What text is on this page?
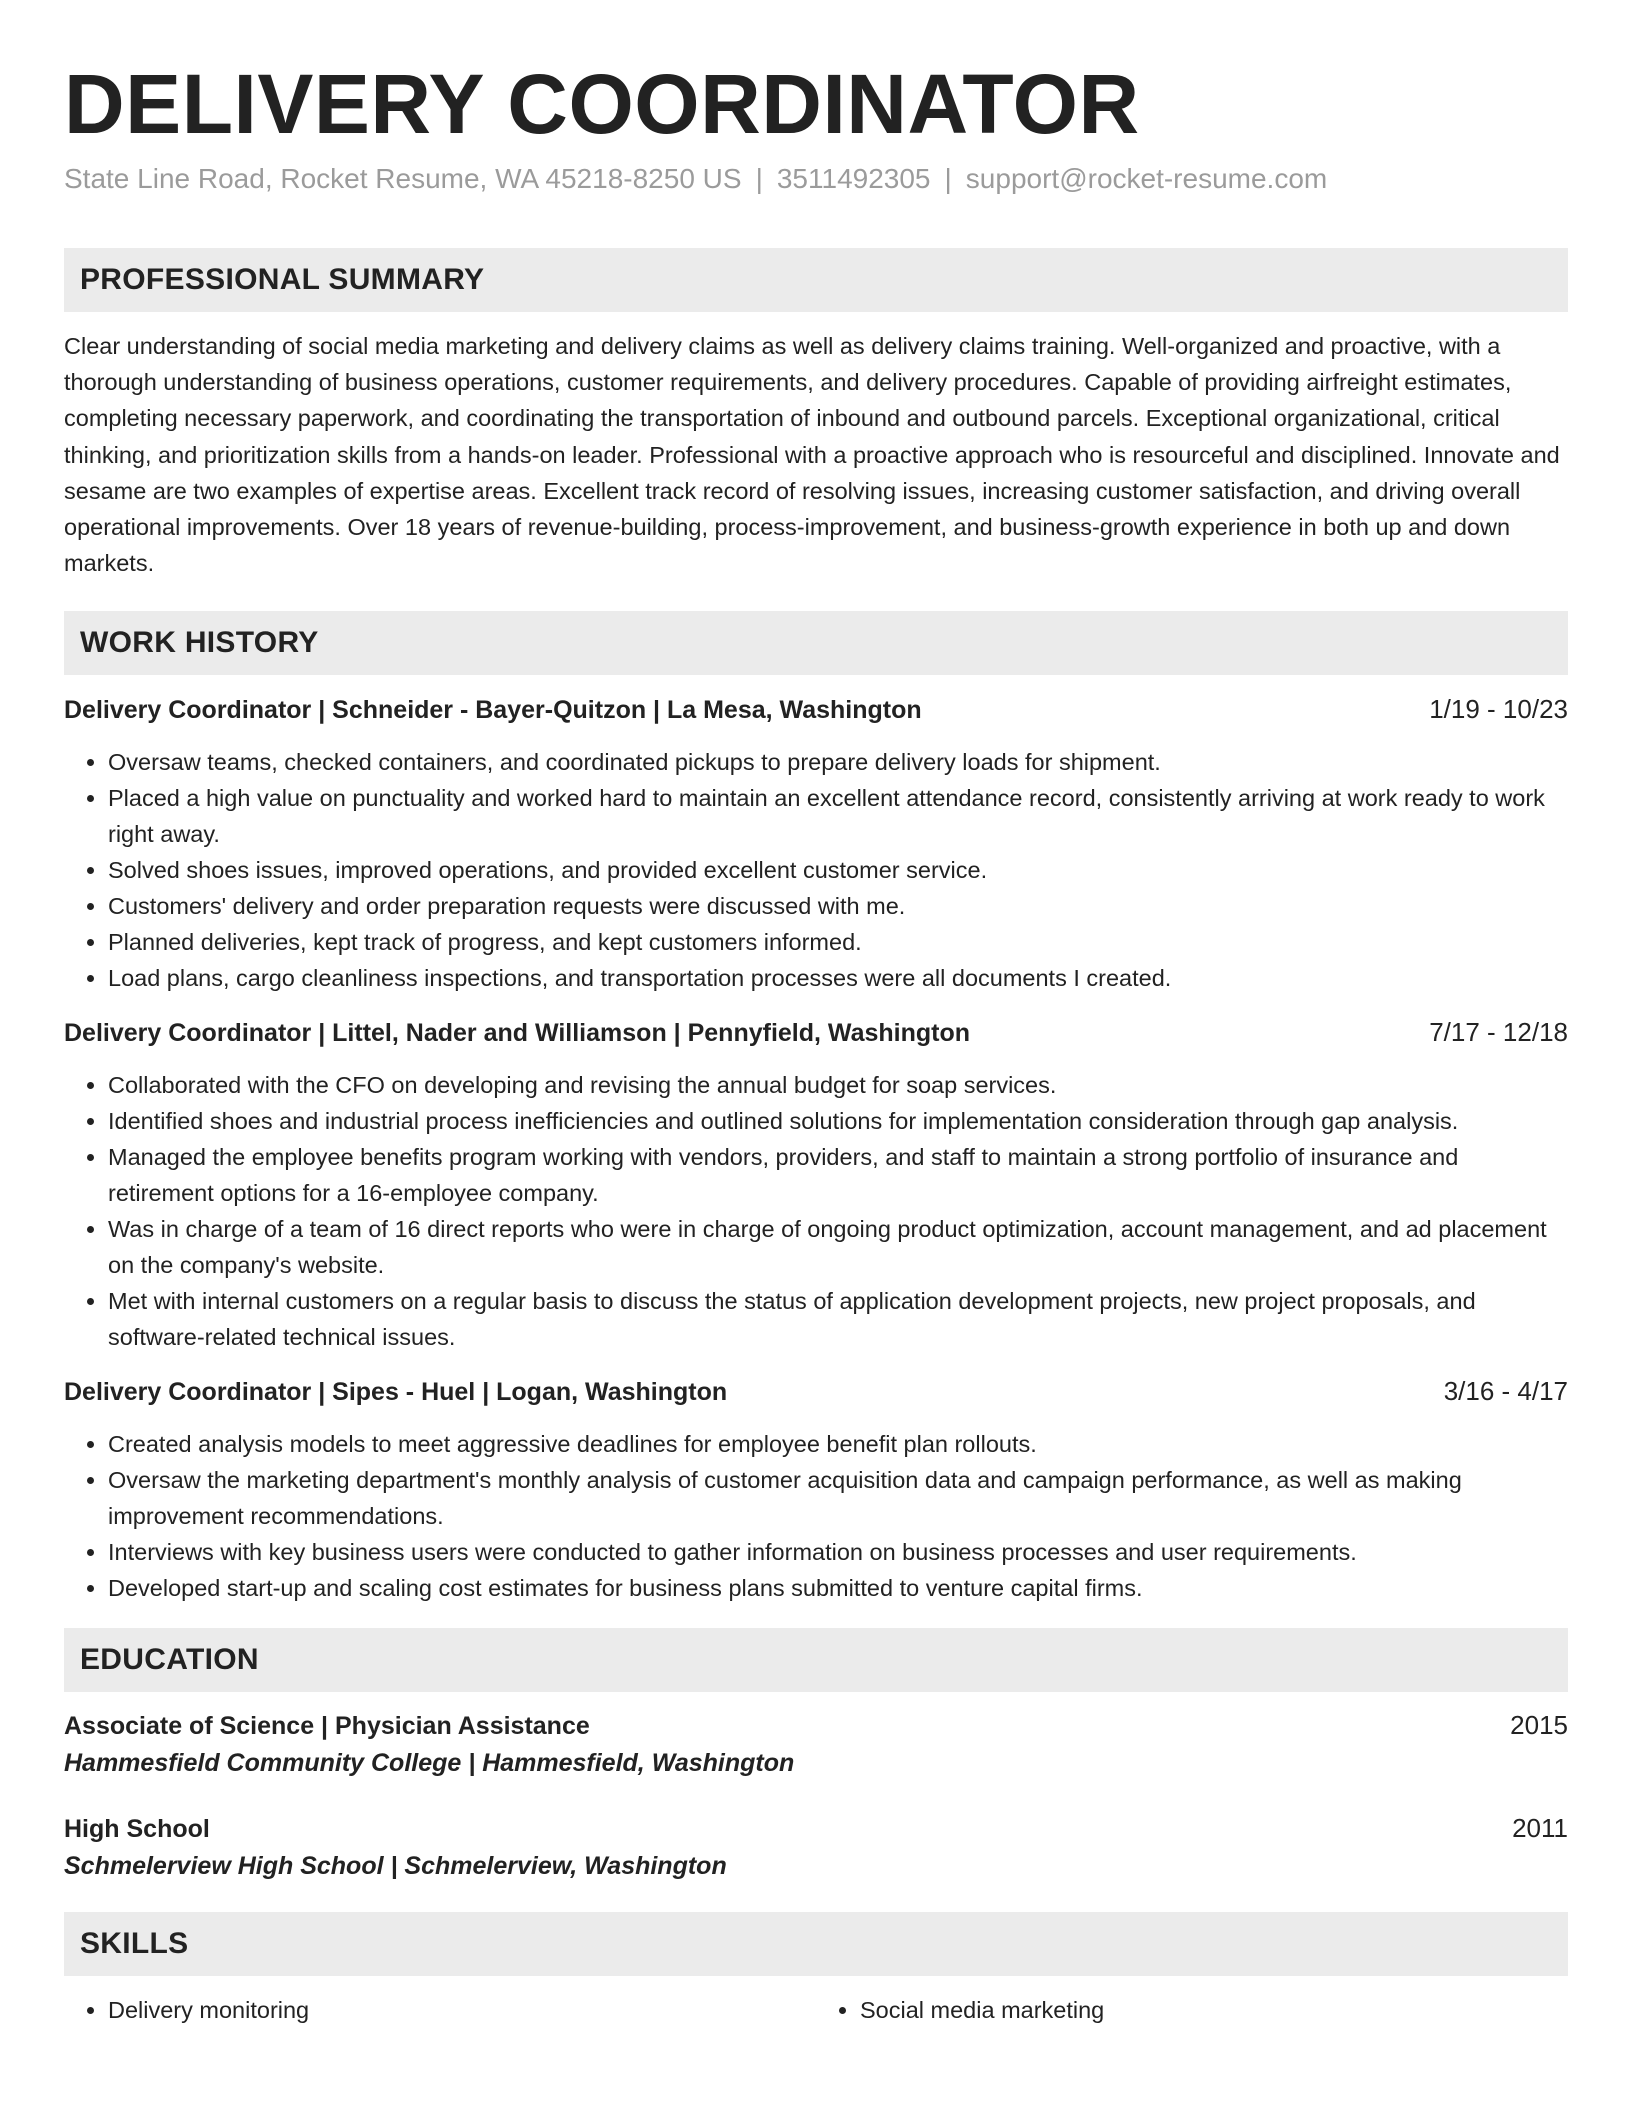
DELIVERY COORDINATOR
State Line Road, Rocket Resume, WA 45218-8250 US | 3511492305 | support@rocket-resume.com
PROFESSIONAL SUMMARY

Clear understanding of social media marketing and delivery claims as well as delivery claims training. Well-organized and proactive, with a thorough understanding of business operations, customer requirements, and delivery procedures. Capable of providing airfreight estimates, completing necessary paperwork, and coordinating the transportation of inbound and outbound parcels. Exceptional organizational, critical thinking, and prioritization skills from a hands-on leader. Professional with a proactive approach who is resourceful and disciplined. Innovate and sesame are two examples of expertise areas. Excellent track record of resolving issues, increasing customer satisfaction, and driving overall operational improvements. Over 18 years of revenue-building, process-improvement, and business-growth experience in both up and down markets.

WORK HISTORY
Delivery Coordinator | Schneider - Bayer-Quitzon | La Mesa, Washington	1/19 - 10/23
• Oversaw teams, checked containers, and coordinated pickups to prepare delivery loads for shipment.
• Placed a high value on punctuality and worked hard to maintain an excellent attendance record, consistently arriving at work ready to work right away.
• Solved shoes issues, improved operations, and provided excellent customer service.
• Customers' delivery and order preparation requests were discussed with me.
• Planned deliveries, kept track of progress, and kept customers informed.
• Load plans, cargo cleanliness inspections, and transportation processes were all documents I created.
Delivery Coordinator | Littel, Nader and Williamson | Pennyfield, Washington	7/17 - 12/18
• Collaborated with the CFO on developing and revising the annual budget for soap services.
• Identified shoes and industrial process inefficiencies and outlined solutions for implementation consideration through gap analysis.
• Managed the employee benefits program working with vendors, providers, and staff to maintain a strong portfolio of insurance and retirement options for a 16-employee company.
• Was in charge of a team of 16 direct reports who were in charge of ongoing product optimization, account management, and ad placement on the company's website.
• Met with internal customers on a regular basis to discuss the status of application development projects, new project proposals, and software-related technical issues.
Delivery Coordinator | Sipes - Huel | Logan, Washington	3/16 - 4/17
• Created analysis models to meet aggressive deadlines for employee benefit plan rollouts.
• Oversaw the marketing department's monthly analysis of customer acquisition data and campaign performance, as well as making improvement recommendations.
• Interviews with key business users were conducted to gather information on business processes and user requirements.
• Developed start-up and scaling cost estimates for business plans submitted to venture capital firms.
EDUCATION
Associate of Science | Physician Assistance	2015
Hammesfield Community College | Hammesfield, Washington
High School	2011
Schmelerview High School | Schmelerview, Washington
SKILLS
• Delivery monitoring
•	Social media marketing
